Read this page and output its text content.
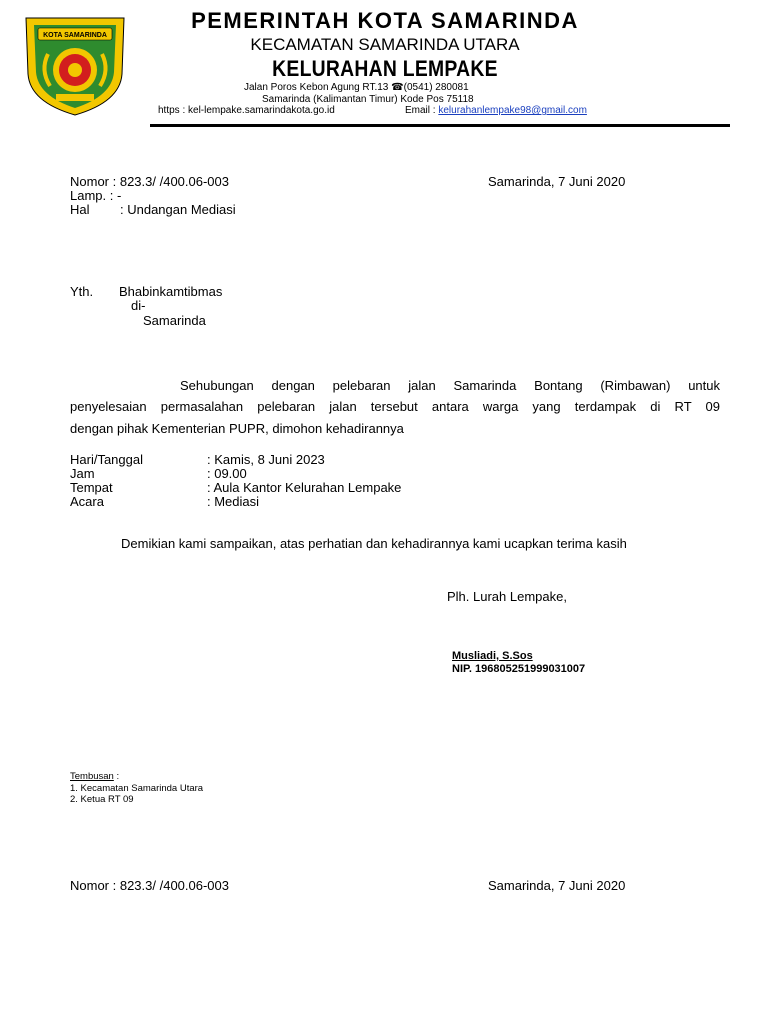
KOTA SAMARINDA
PEMERINTAH KOTA SAMARINDA
KECAMATAN SAMARINDA UTARA
KELURAHAN LEMPAKE
Jalan Poros Kebon Agung RT.13 ☎(0541) 280081
Samarinda (Kalimantan Timur) Kode Pos 75118
https : kel-lempake.samarindakota.go.id	Email : kelurahanlempake98@gmail.com
Nomor : 823.3/ /400.06-003
Lamp. : -
Hal : Undangan Mediasi
Samarinda, 7 Juni 2020
Yth. Bhabinkamtibmas
di-
Samarinda
Sehubungan dengan pelebaran jalan Samarinda Bontang (Rimbawan) untuk
penyelesaian permasalahan pelebaran jalan tersebut antara warga yang terdampak di RT 09
dengan pihak Kementerian PUPR, dimohon kehadirannya
Hari/Tanggal	: Kamis, 8 Juni 2023
Jam	: 09.00
Tempat	: Aula Kantor Kelurahan Lempake
Acara	: Mediasi
Demikian kami sampaikan, atas perhatian dan kehadirannya kami ucapkan terima kasih
Plh. Lurah Lempake,
Musliadi, S.Sos
NIP. 196805251999031007
Tembusan :
1. Kecamatan Samarinda Utara
2. Ketua RT 09
Nomor : 823.3/ /400.06-003	Samarinda, 7 Juni 2020
